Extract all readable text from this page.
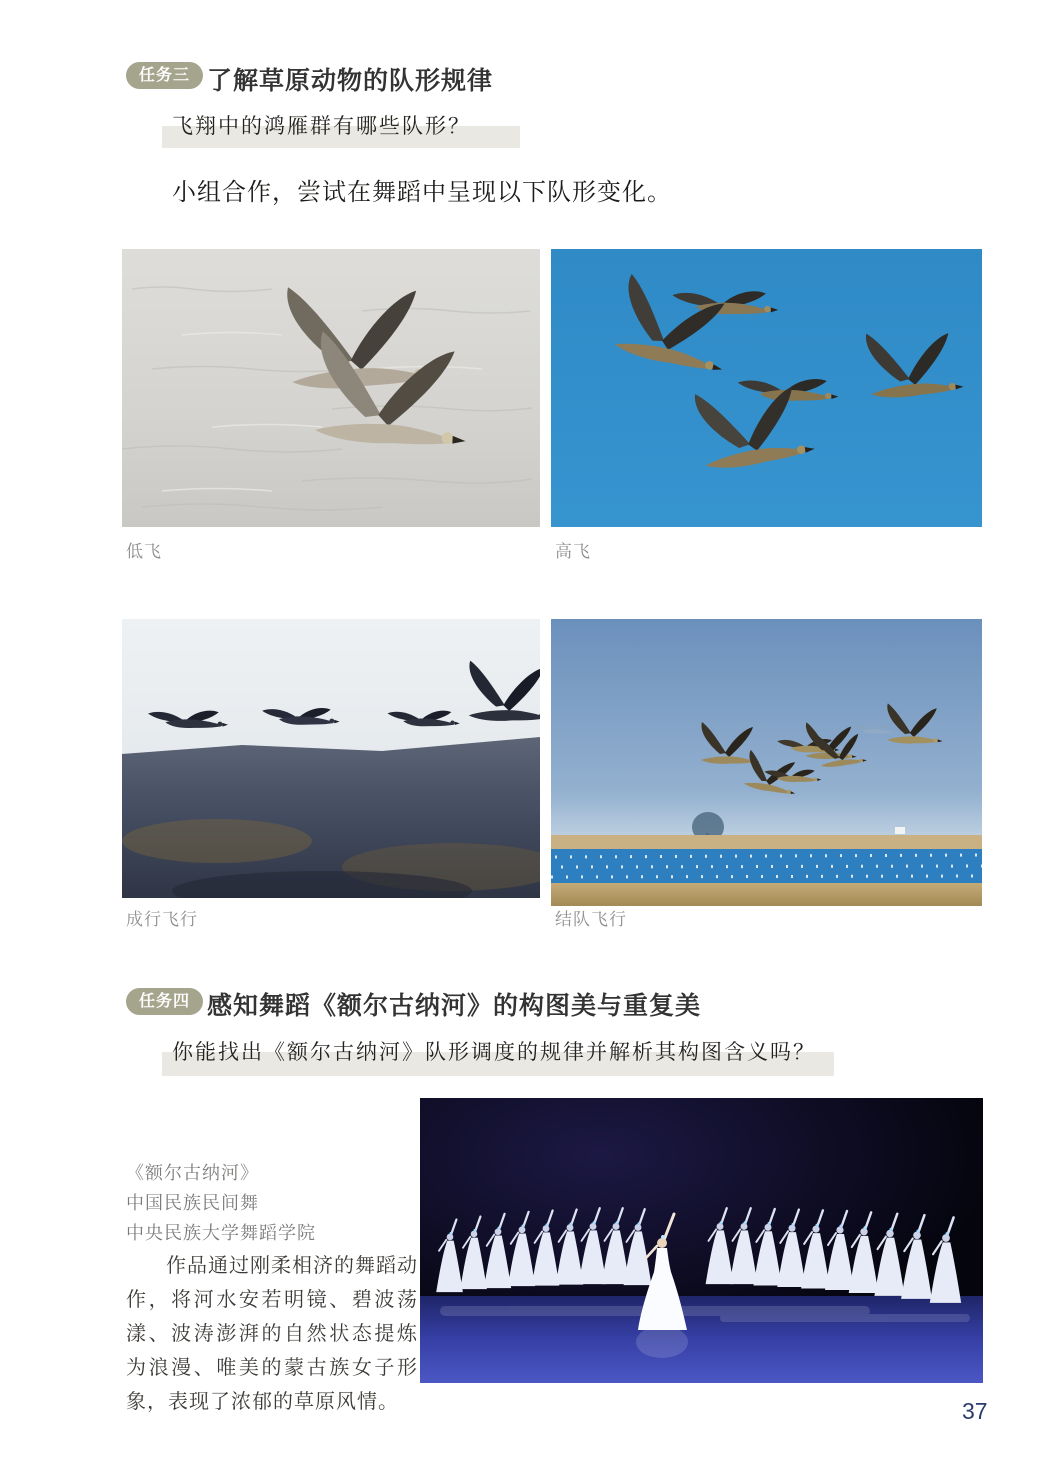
任务三 了解草原动物的队形规律
飞翔中的鸿雁群有哪些队形？
小组合作，尝试在舞蹈中呈现以下队形变化。
低飞	高飞
成行飞行	结队飞行
任务四 感知舞蹈《额尔古纳河》的构图美与重复美
你能找出《额尔古纳河》队形调度的规律并解析其构图含义吗？
《额尔古纳河》
中国民族民间舞
中央民族大学舞蹈学院
作品通过刚柔相济的舞蹈动作，将河水安若明镜、碧波荡漾、波涛澎湃的自然状态提炼为浪漫、唯美的蒙古族女子形象，表现了浓郁的草原风情。	37
